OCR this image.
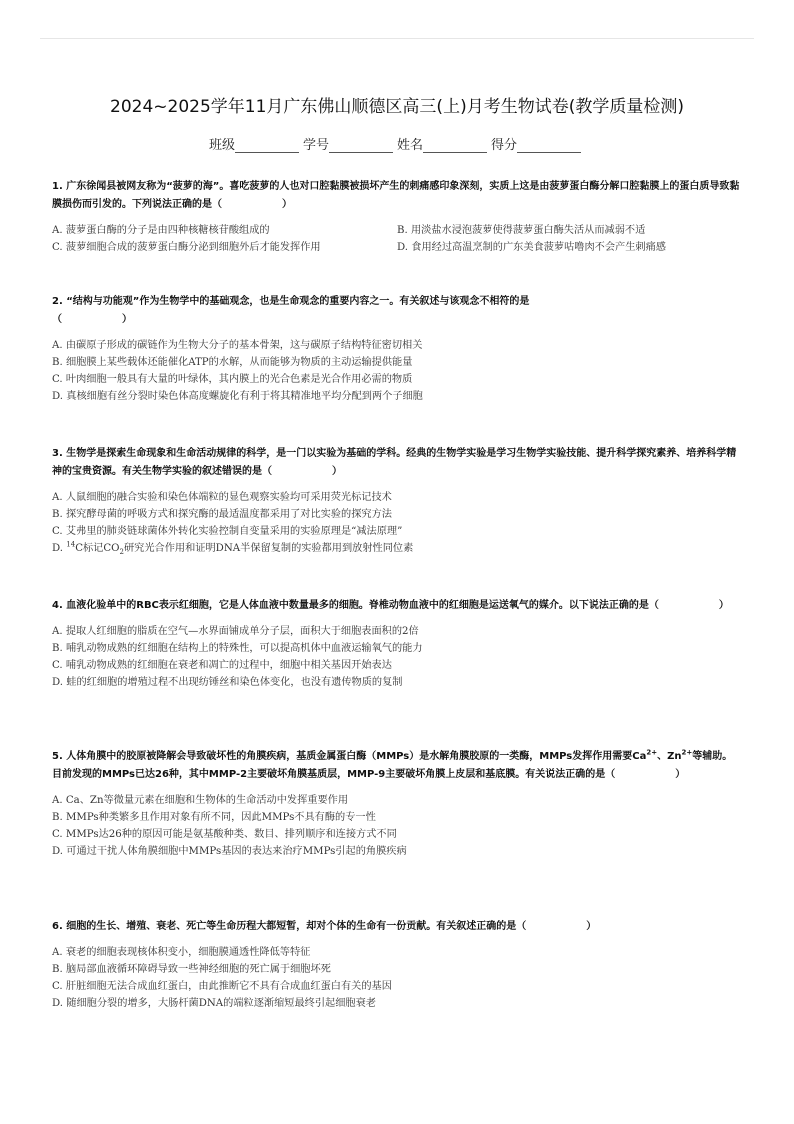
2024~2025学年11月广东佛山顺德区高三(上)月考生物试卷(教学质量检测)
班级	学号	姓名	得分

1. 广东徐闻县被网友称为“菠萝的海”。喜吃菠萝的人也对口腔黏膜被损坏产生的刺痛感印象深刻，实质上这是由菠萝蛋白酶分解口腔黏膜上的蛋白质导致黏膜损伤而引发的。下列说法正确的是（　　　　　　）

A. 菠萝蛋白酶的分子是由四种核糖核苷酸组成的	B. 用淡盐水浸泡菠萝使得菠萝蛋白酶失活从而减弱不适
C. 菠萝细胞合成的菠萝蛋白酶分泌到细胞外后才能发挥作用	D. 食用经过高温烹制的广东美食菠萝咕噜肉不会产生刺痛感

2. “结构与功能观”作为生物学中的基础观念，也是生命观念的重要内容之一。有关叙述与该观念不相符的是
（　　　　　　）

A. 由碳原子形成的碳链作为生物大分子的基本骨架，这与碳原子结构特征密切相关
B. 细胞膜上某些载体还能催化ATP的水解，从而能够为物质的主动运输提供能量
C. 叶肉细胞一般具有大量的叶绿体，其内膜上的光合色素是光合作用必需的物质
D. 真核细胞有丝分裂时染色体高度螺旋化有利于将其精准地平均分配到两个子细胞

3. 生物学是探索生命现象和生命活动规律的科学，是一门以实验为基础的学科。经典的生物学实验是学习生物学实验技能、提升科学探究素养、培养科学精神的宝贵资源。有关生物学实验的叙述错误的是（　　　　　　）

A. 人鼠细胞的融合实验和染色体端粒的显色观察实验均可采用荧光标记技术
B. 探究酵母菌的呼吸方式和探究酶的最适温度都采用了对比实验的探究方法
C. 艾弗里的肺炎链球菌体外转化实验控制自变量采用的实验原理是“减法原理”
D. $^{14}$C标记$CO_2$研究光合作用和证明DNA半保留复制的实验都用到放射性同位素

4. 血液化验单中的RBC表示红细胞，它是人体血液中数量最多的细胞。脊椎动物血液中的红细胞是运送氧气的媒介。以下说法正确的是（　　　　　　）

A. 提取人红细胞的脂质在空气—水界面铺成单分子层，面积大于细胞表面积的2倍
B. 哺乳动物成熟的红细胞在结构上的特殊性，可以提高机体中血液运输氧气的能力
C. 哺乳动物成熟的红细胞在衰老和凋亡的过程中，细胞中相关基因开始表达
D. 蛙的红细胞的增殖过程不出现纺锤丝和染色体变化，也没有遗传物质的复制

5. 人体角膜中的胶原被降解会导致破坏性的角膜疾病，基质金属蛋白酶（MMPs）是水解角膜胶原的一类酶，MMPs发挥作用需要$Ca^{2+}$、$Zn^{2+}$等辅助。目前发现的MMPs已达26种，其中MMP-2主要破坏角膜基质层，MMP-9主要破坏角膜上皮层和基底膜。有关说法正确的是（　　　　　　）

A. Ca、Zn等微量元素在细胞和生物体的生命活动中发挥重要作用
B. MMPs种类繁多且作用对象有所不同，因此MMPs不具有酶的专一性
C. MMPs达26种的原因可能是氨基酸种类、数目、排列顺序和连接方式不同
D. 可通过干扰人体角膜细胞中MMPs基因的表达来治疗MMPs引起的角膜疾病

6. 细胞的生长、增殖、衰老、死亡等生命历程大都短暂，却对个体的生命有一份贡献。有关叙述正确的是（　　　　　　）

A. 衰老的细胞表现核体积变小，细胞膜通透性降低等特征
B. 脑局部血液循环障碍导致一些神经细胞的死亡属于细胞坏死
C. 肝脏细胞无法合成血红蛋白，由此推断它不具有合成血红蛋白有关的基因
D. 随细胞分裂的增多，大肠杆菌DNA的端粒逐渐缩短最终引起细胞衰老
